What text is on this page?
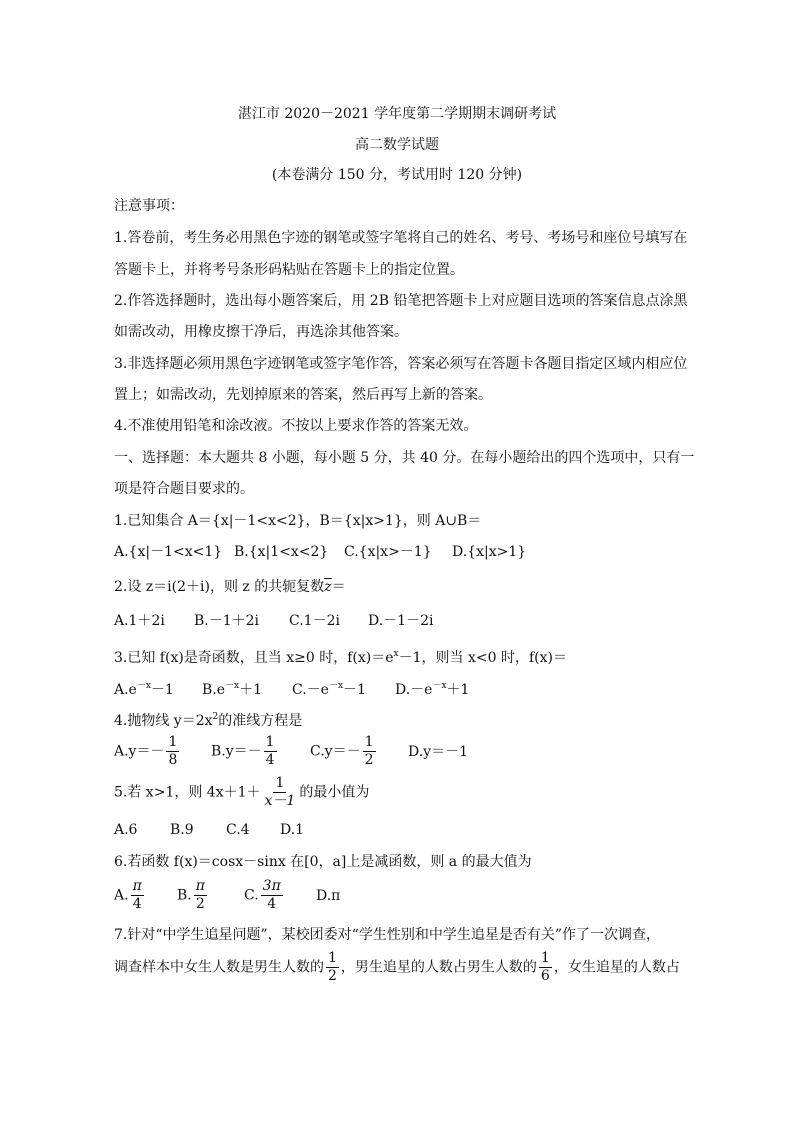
湛江市 2020－2021 学年度第二学期期末调研考试
高二数学试题
(本卷满分 150 分，考试用时 120 分钟)
注意事项：
1.答卷前，考生务必用黑色字迹的钢笔或签字笔将自己的姓名、考号、考场号和座位号填写在
答题卡上，并将考号条形码粘贴在答题卡上的指定位置。
2.作答选择题时，选出每小题答案后，用 2B 铅笔把答题卡上对应题目选项的答案信息点涂黑
如需改动，用橡皮擦干净后，再选涂其他答案。
3.非选择题必须用黑色字迹钢笔或签字笔作答，答案必须写在答题卡各题目指定区域内相应位
置上；如需改动，先划掉原来的答案，然后再写上新的答案。
4.不准使用铅笔和涂改液。不按以上要求作答的答案无效。
一、选择题：本大题共 8 小题，每小题 5 分，共 40 分。在每小题给出的四个选项中，只有一
项是符合题目要求的。
1.已知集合 A＝{x|－1<x<2}，B＝{x|x>1}，则 A∪B＝
A.{x|－1<x<1} B.{x|1<x<2} C.{x|x>－1} D.{x|x>1}
2.设 z＝i(2＋i)，则 z 的共轭复数$\overline{z}=$
A.1＋2i B.－1＋2i C.1－2i D.－1－2i
3.已知 f(x)是奇函数，且当 x≥0 时，$f(x)=e^x-1$，则当 x<0 时，f(x)＝
$A.e^{-x}-1$ $B.e^{-x}+1$ $C.-e^{-x}-1$ $D.-e^{-x}+1$
4.抛物线 $y=2x^2$的准线方程是
$A.y=- \frac{1}{8} B.y=- \frac{1}{4} C.y=- \frac{1}{2} D.y=-1$
5.若 x>1，则 $4x+1+ \frac{1}{x-1}$ 的最小值为
A.6 B.9 C.4 D.1
6.若函数 f(x)＝cosx－sinx 在[0，a]上是减函数，则 a 的最大值为
A. $\frac{\pi}{4} B$. $\frac{\pi}{2}$	C. $\frac{3\pi}{4} D.\pi$
7.针对“中学生追星问题”，某校团委对“学生性别和中学生追星是否有关”作了一次调查，
调查样本中女生人数是男生人数的 $\frac{1}{2}$ ，男生追星的人数占男生人数的 $\frac{1}{6}$ ，女生追星的人数占
